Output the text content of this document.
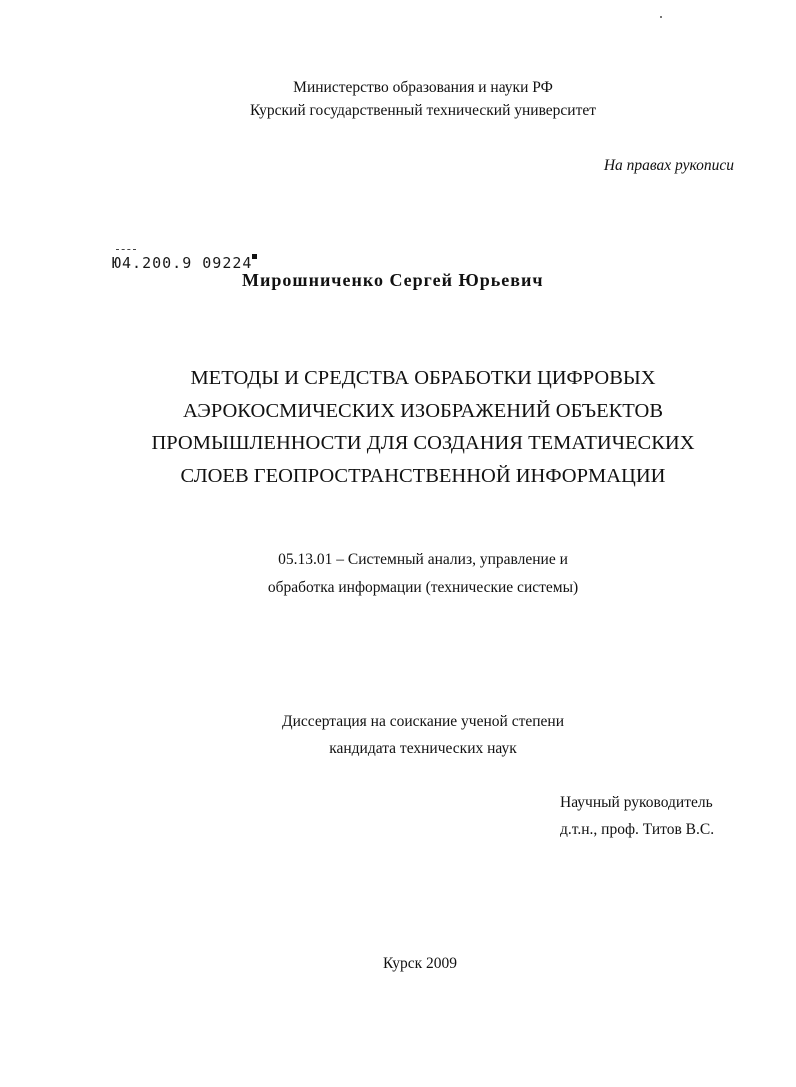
Министерство образования и науки РФ
Курский государственный технический университет
На правах рукописи
Ю4.200.9 09224
Мирошниченко Сергей Юрьевич
МЕТОДЫ И СРЕДСТВА ОБРАБОТКИ ЦИФРОВЫХ
АЭРОКОСМИЧЕСКИХ ИЗОБРАЖЕНИЙ ОБЪЕКТОВ
ПРОМЫШЛЕННОСТИ ДЛЯ СОЗДАНИЯ ТЕМАТИЧЕСКИХ
СЛОЕВ ГЕОПРОСТРАНСТВЕННОЙ ИНФОРМАЦИИ
05.13.01 – Системный анализ, управление и
обработка информации (технические системы)
Диссертация на соискание ученой степени
кандидата технических наук
Научный руководитель
д.т.н., проф. Титов В.С.
Курск 2009
